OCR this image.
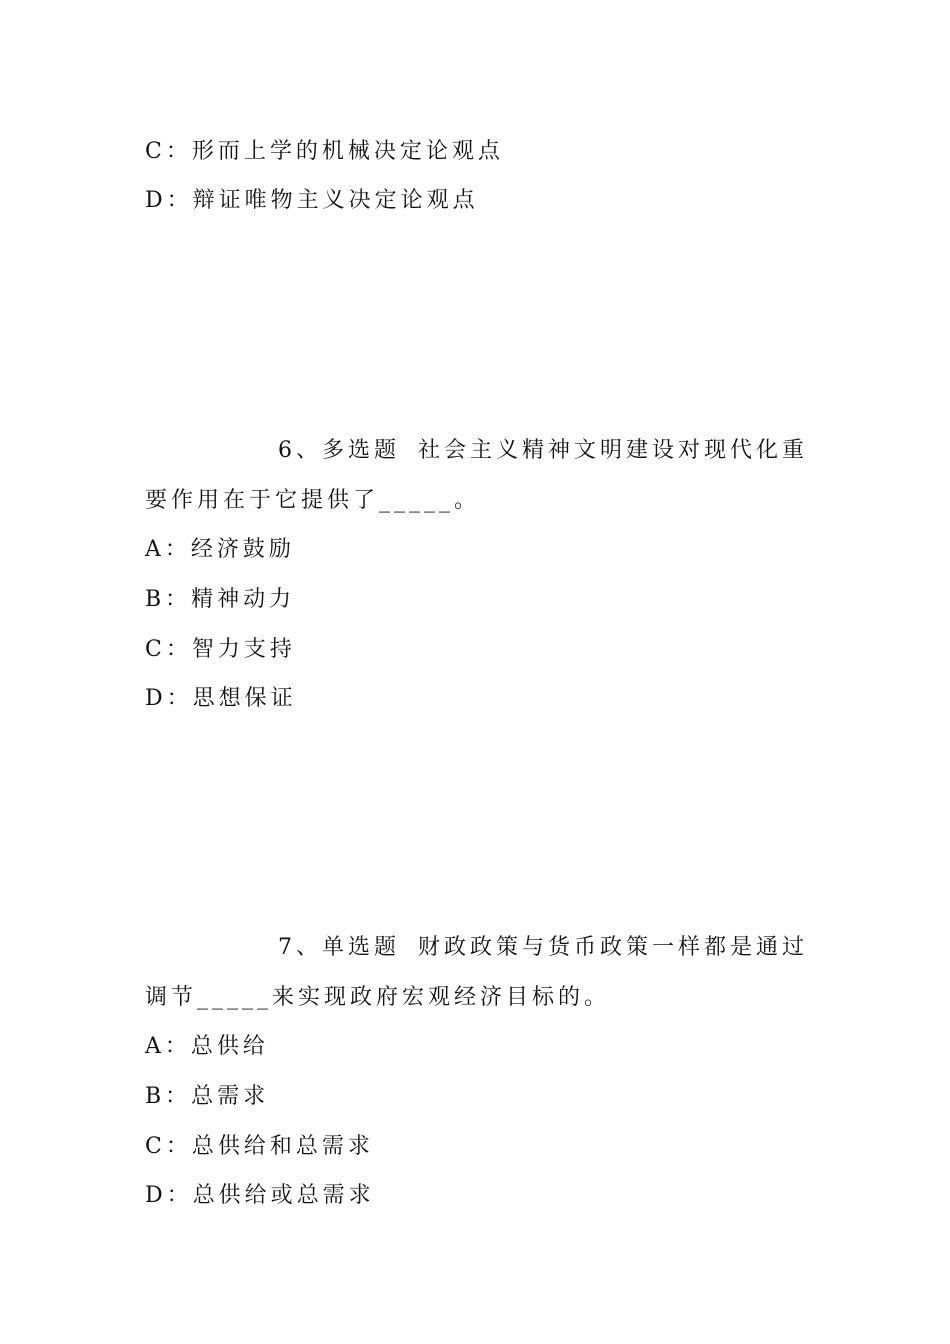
C：形而上学的机械决定论观点
D：辩证唯物主义决定论观点
6、多选题 社会主义精神文明建设对现代化重
要作用在于它提供了_____。
A：经济鼓励
B：精神动力
C：智力支持
D：思想保证
7、单选题 财政政策与货币政策一样都是通过
调节_____来实现政府宏观经济目标的。
A：总供给
B：总需求
C：总供给和总需求
D：总供给或总需求
